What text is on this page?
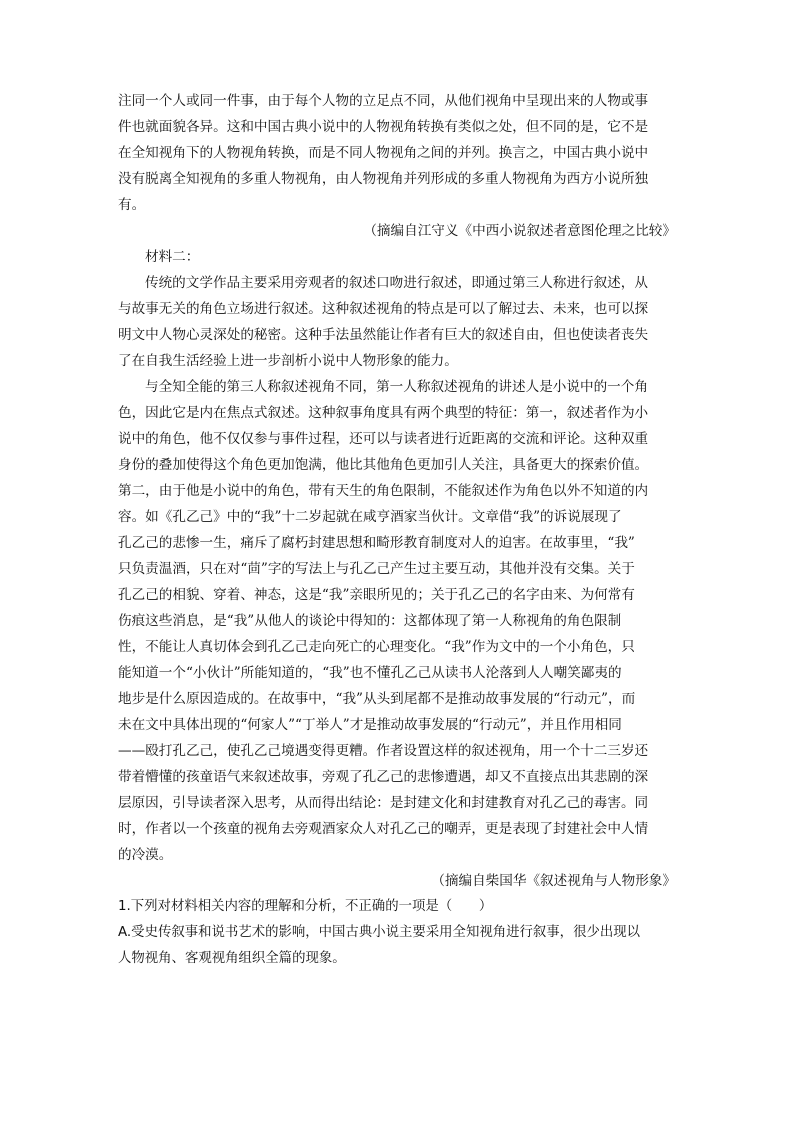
注同一个人或同一件事，由于每个人物的立足点不同，从他们视角中呈现出来的人物或事
件也就面貌各异。这和中国古典小说中的人物视角转换有类似之处，但不同的是，它不是
在全知视角下的人物视角转换，而是不同人物视角之间的并列。换言之，中国古典小说中
没有脱离全知视角的多重人物视角，由人物视角并列形成的多重人物视角为西方小说所独
有。
（摘编自江守义《中西小说叙述者意图伦理之比较》
材料二：
传统的文学作品主要采用旁观者的叙述口吻进行叙述，即通过第三人称进行叙述，从
与故事无关的角色立场进行叙述。这种叙述视角的特点是可以了解过去、未来，也可以探
明文中人物心灵深处的秘密。这种手法虽然能让作者有巨大的叙述自由，但也使读者丧失
了在自我生活经验上进一步剖析小说中人物形象的能力。
与全知全能的第三人称叙述视角不同，第一人称叙述视角的讲述人是小说中的一个角
色，因此它是内在焦点式叙述。这种叙事角度具有两个典型的特征：第一，叙述者作为小
说中的角色，他不仅仅参与事件过程，还可以与读者进行近距离的交流和评论。这种双重
身份的叠加使得这个角色更加饱满，他比其他角色更加引人关注，具备更大的探索价值。
第二，由于他是小说中的角色，带有天生的角色限制，不能叙述作为角色以外不知道的内
容。如《孔乙己》中的“我”十二岁起就在咸亨酒家当伙计。文章借“我”的诉说展现了
孔乙己的悲惨一生，痛斥了腐朽封建思想和畸形教育制度对人的迫害。在故事里，“我”
只负责温酒，只在对“茴”字的写法上与孔乙己产生过主要互动，其他并没有交集。关于
孔乙己的相貌、穿着、神态，这是“我”亲眼所见的；关于孔乙己的名字由来、为何常有
伤痕这些消息，是“我”从他人的谈论中得知的：这都体现了第一人称视角的角色限制
性，不能让人真切体会到孔乙己走向死亡的心理变化。“我”作为文中的一个小角色，只
能知道一个“小伙计”所能知道的，“我”也不懂孔乙己从读书人沦落到人人嘲笑鄙夷的
地步是什么原因造成的。在故事中，“我”从头到尾都不是推动故事发展的“行动元”，而
未在文中具体出现的“何家人”“丁举人”才是推动故事发展的“行动元”，并且作用相同
——殴打孔乙己，使孔乙己境遇变得更糟。作者设置这样的叙述视角，用一个十二三岁还
带着懵懂的孩童语气来叙述故事，旁观了孔乙己的悲惨遭遇，却又不直接点出其悲剧的深
层原因，引导读者深入思考，从而得出结论：是封建文化和封建教育对孔乙己的毒害。同
时，作者以一个孩童的视角去旁观酒家众人对孔乙己的嘲弄，更是表现了封建社会中人情
的冷漠。
（摘编自柴国华《叙述视角与人物形象》
1.下列对材料相关内容的理解和分析，不正确的一项是（　　）
A.受史传叙事和说书艺术的影响，中国古典小说主要采用全知视角进行叙事，很少出现以
人物视角、客观视角组织全篇的现象。
